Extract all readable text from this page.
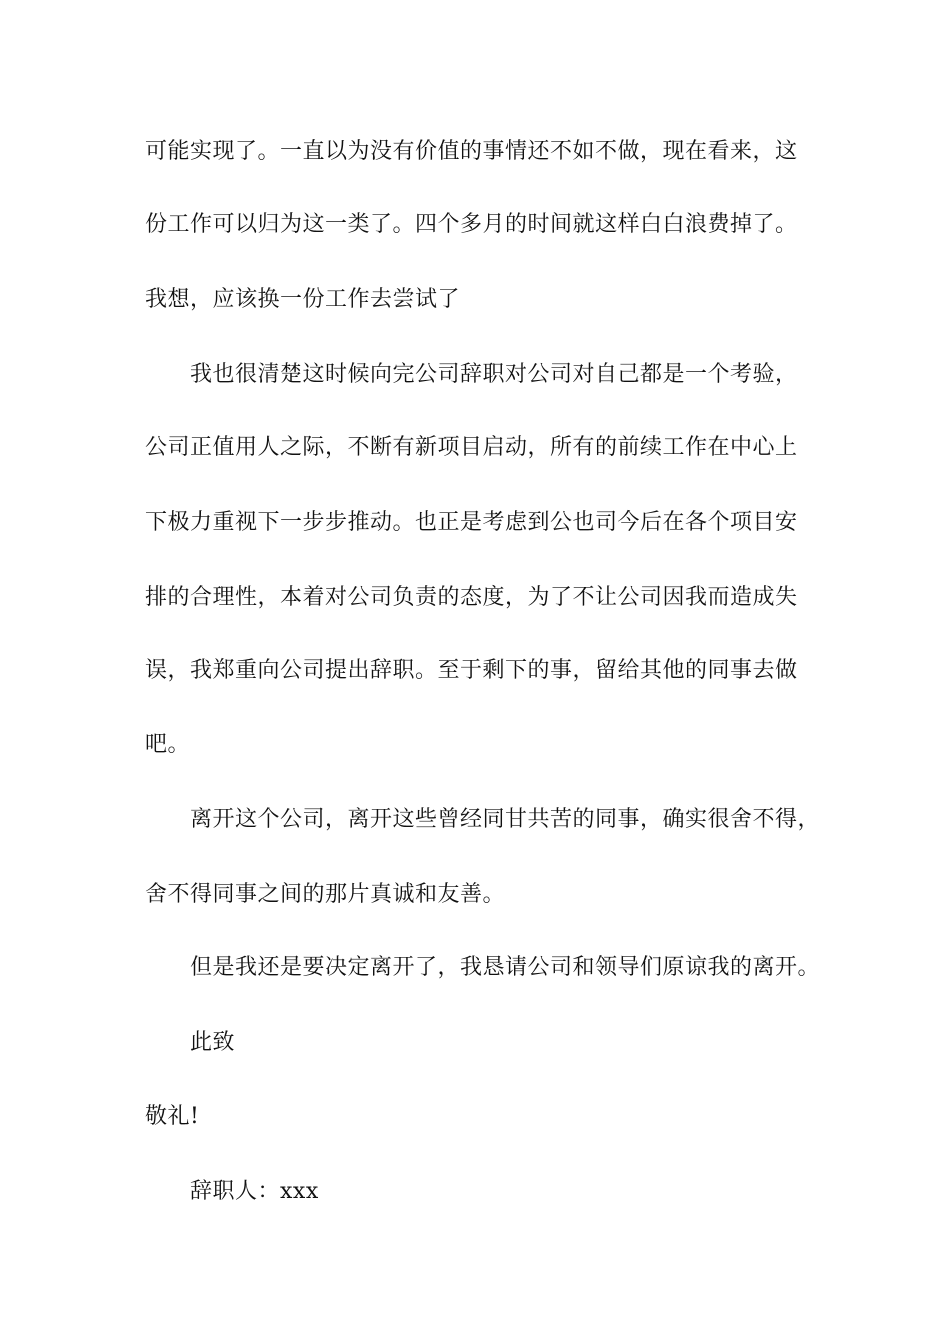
可能实现了。一直以为没有价值的事情还不如不做，现在看来，这
份工作可以归为这一类了。四个多月的时间就这样白白浪费掉了。
我想，应该换一份工作去尝试了
我也很清楚这时候向完公司辞职对公司对自己都是一个考验，
公司正值用人之际，不断有新项目启动，所有的前续工作在中心上
下极力重视下一步步推动。也正是考虑到公也司今后在各个项目安
排的合理性，本着对公司负责的态度，为了不让公司因我而造成失
误，我郑重向公司提出辞职。至于剩下的事，留给其他的同事去做
吧。
离开这个公司，离开这些曾经同甘共苦的同事，确实很舍不得，
舍不得同事之间的那片真诚和友善。
但是我还是要决定离开了，我恳请公司和领导们原谅我的离开。
此致
敬礼!
辞职人：xxx
